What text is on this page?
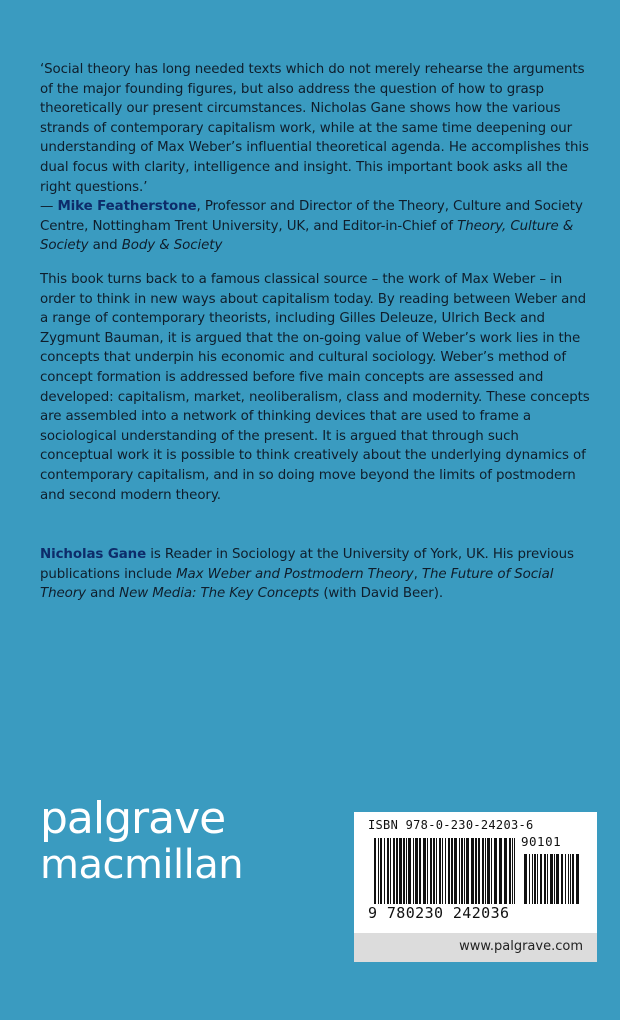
‘Social theory has long needed texts which do not merely rehearse the arguments of the major founding figures, but also address the question of how to grasp theoretically our present circumstances. Nicholas Gane shows how the various strands of contemporary capitalism work, while at the same time deepening our understanding of Max Weber’s influential theoretical agenda. He accomplishes this dual focus with clarity, intelligence and insight. This important book asks all the right questions.’
— Mike Featherstone, Professor and Director of the Theory, Culture and Society Centre, Nottingham Trent University, UK, and Editor-in-Chief of Theory, Culture & Society and Body & Society

This book turns back to a famous classical source – the work of Max Weber – in order to think in new ways about capitalism today. By reading between Weber and a range of contemporary theorists, including Gilles Deleuze, Ulrich Beck and Zygmunt Bauman, it is argued that the on-going value of Weber’s work lies in the concepts that underpin his economic and cultural sociology. Weber’s method of concept formation is addressed before five main concepts are assessed and developed: capitalism, market, neoliberalism, class and modernity. These concepts are assembled into a network of thinking devices that are used to frame a sociological understanding of the present. It is argued that through such conceptual work it is possible to think creatively about the underlying dynamics of contemporary capitalism, and in so doing move beyond the limits of postmodern and second modern theory.

Nicholas Gane is Reader in Sociology at the University of York, UK. His previous publications include Max Weber and Postmodern Theory, The Future of Social Theory and New Media: The Key Concepts (with David Beer).

palgrave
macmillan
ISBN 978-0-230-24203-6
90101
9 780230 242036
www.palgrave.com
